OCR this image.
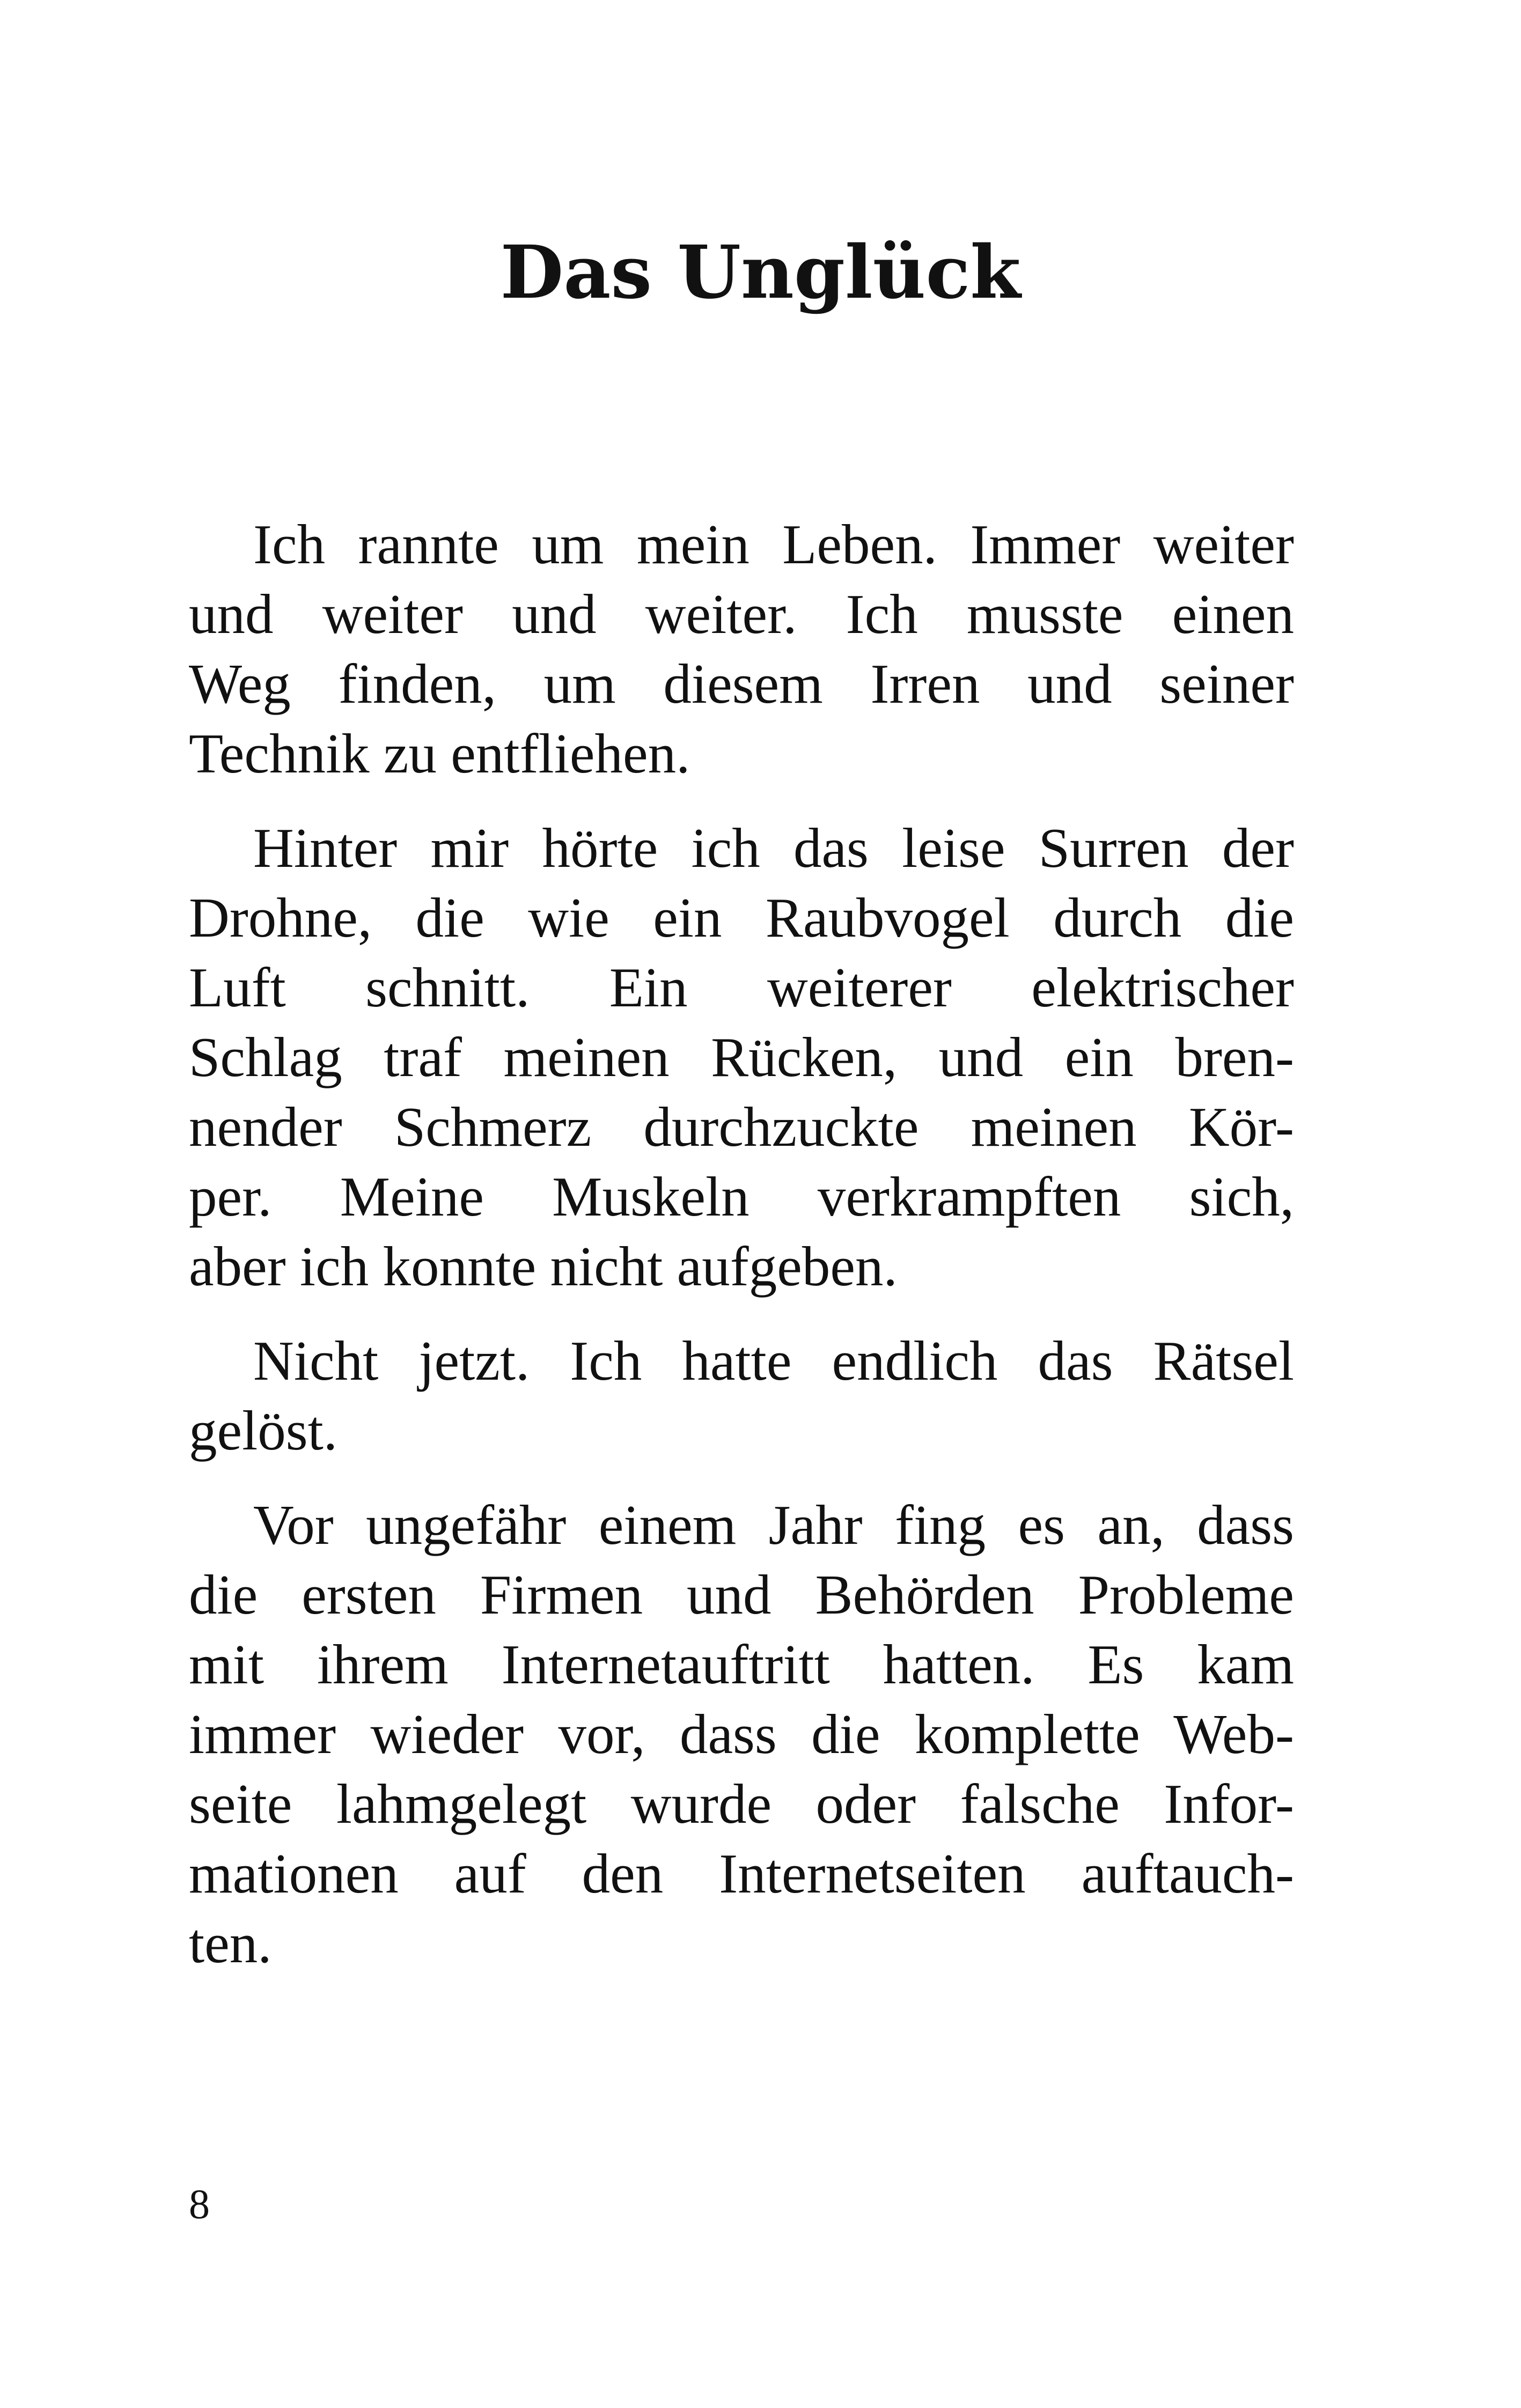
Das Unglück
Ich rannte um mein Leben. Immer weiter
und weiter und weiter. Ich musste einen
Weg finden, um diesem Irren und seiner
Technik zu entfliehen.
Hinter mir hörte ich das leise Surren der
Drohne, die wie ein Raubvogel durch die
Luft schnitt. Ein weiterer elektrischer
Schlag traf meinen Rücken, und ein bren-
nender Schmerz durchzuckte meinen Kör-
per. Meine Muskeln verkrampften sich,
aber ich konnte nicht aufgeben.
Nicht jetzt. Ich hatte endlich das Rätsel
gelöst.
Vor ungefähr einem Jahr fing es an, dass
die ersten Firmen und Behörden Probleme
mit ihrem Internetauftritt hatten. Es kam
immer wieder vor, dass die komplette Web-
seite lahmgelegt wurde oder falsche Infor-
mationen auf den Internetseiten auftauch-
ten.
8
